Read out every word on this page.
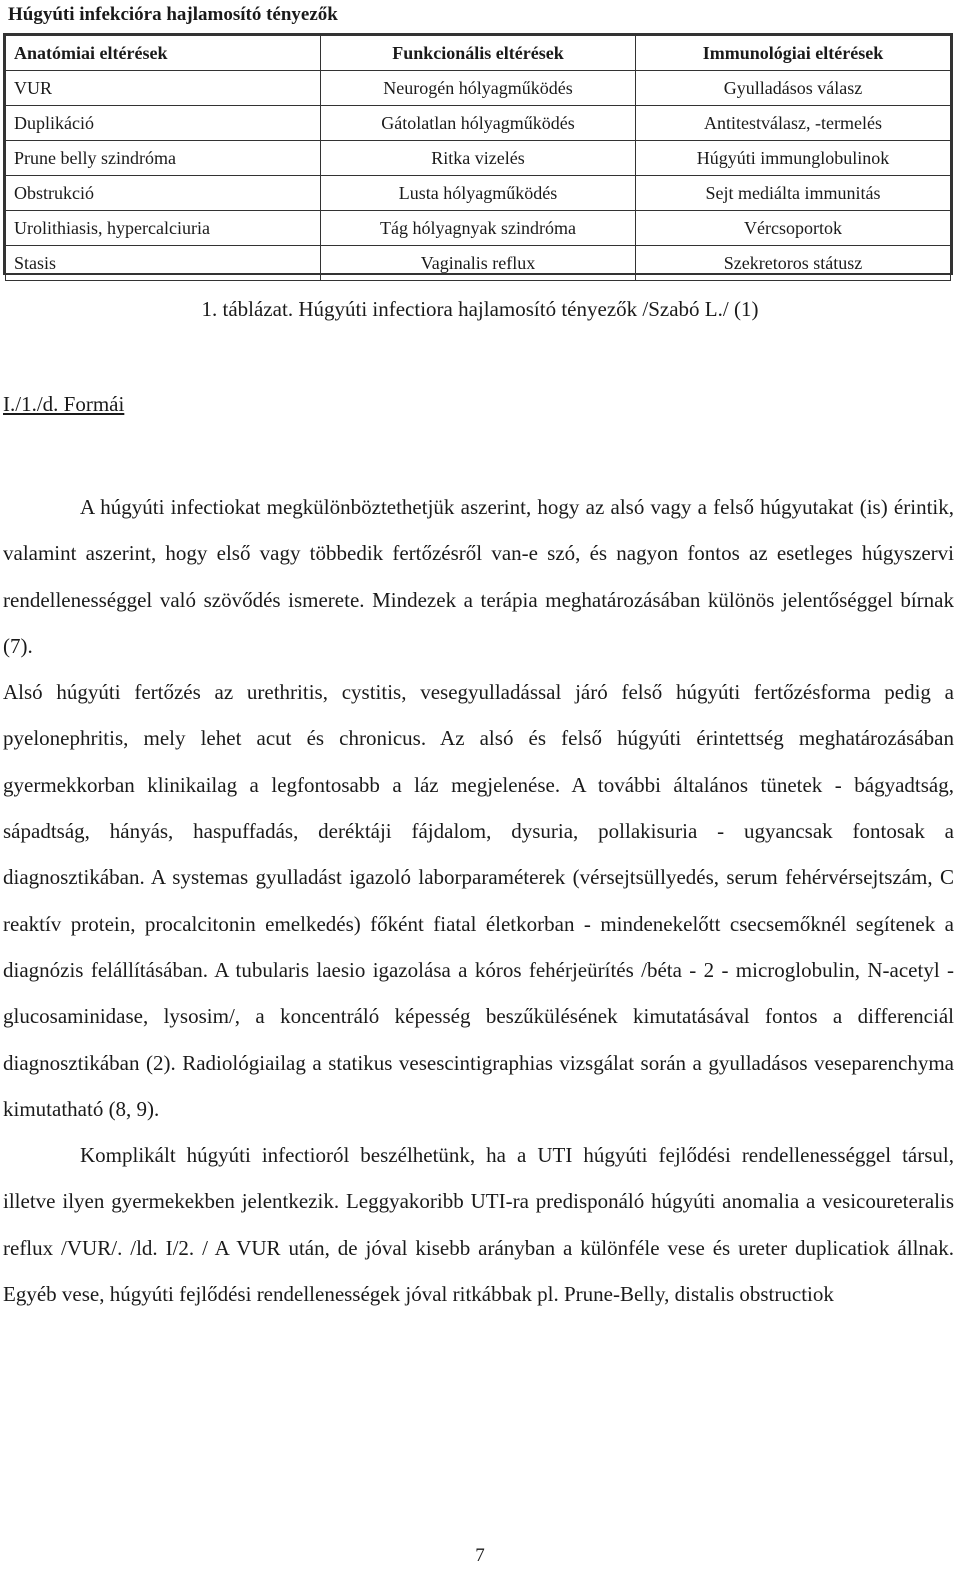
Húgyúti infekcióra hajlamosító tényezők
Anatómiai eltérések	Funkcionális eltérések	Immunológiai eltérések
VUR	Neurogén hólyagműködés	Gyulladásos válasz
Duplikáció	Gátolatlan hólyagműködés	Antitestválasz, -termelés
Prune belly szindróma	Ritka vizelés	Húgyúti immunglobulinok
Obstrukció	Lusta hólyagműködés	Sejt mediálta immunitás
Urolithiasis, hypercalciuria	Tág hólyagnyak szindróma	Vércsoportok
Stasis	Vaginalis reflux	Szekretoros státusz
1. táblázat. Húgyúti infectiora hajlamosító tényezők /Szabó L./ (1)
I./1./d. Formái

A húgyúti infectiokat megkülönböztethetjük aszerint, hogy az alsó vagy a felső húgyutakat (is) érintik, valamint aszerint, hogy első vagy többedik fertőzésről van-e szó, és nagyon fontos az esetleges húgyszervi rendellenességgel való szövődés ismerete. Mindezek a terápia meghatározásában különös jelentőséggel bírnak (7).

Alsó húgyúti fertőzés az urethritis, cystitis, vesegyulladással járó felső húgyúti fertőzésforma pedig a pyelonephritis, mely lehet acut és chronicus. Az alsó és felső húgyúti érintettség meghatározásában gyermekkorban klinikailag a legfontosabb a láz megjelenése. A további általános tünetek - bágyadtság, sápadtság, hányás, haspuffadás, deréktáji fájdalom, dysuria, pollakisuria - ugyancsak fontosak a diagnosztikában. A systemas gyulladást igazoló laborparaméterek (vérsejtsüllyedés, serum fehérvérsejtszám, C reaktív protein, procalcitonin emelkedés) főként fiatal életkorban - mindenekelőtt csecsemőknél segítenek a diagnózis felállításában. A tubularis laesio igazolása a kóros fehérjeürítés /béta - 2 - microglobulin, N-acetyl - glucosaminidase, lysosim/, a koncentráló képesség beszűkülésének kimutatásával fontos a differenciál diagnosztikában (2). Radiológiailag a statikus vesescintigraphias vizsgálat során a gyulladásos veseparenchyma kimutatható (8, 9).

Komplikált húgyúti infectioról beszélhetünk, ha a UTI húgyúti fejlődési rendellenességgel társul, illetve ilyen gyermekekben jelentkezik. Leggyakoribb UTI-ra predisponáló húgyúti anomalia a vesicoureteralis reflux /VUR/. /ld. I/2. / A VUR után, de jóval kisebb arányban a különféle vese és ureter duplicatiok állnak. Egyéb vese, húgyúti fejlődési rendellenességek jóval ritkábbak pl. Prune-Belly, distalis obstructiok

7
